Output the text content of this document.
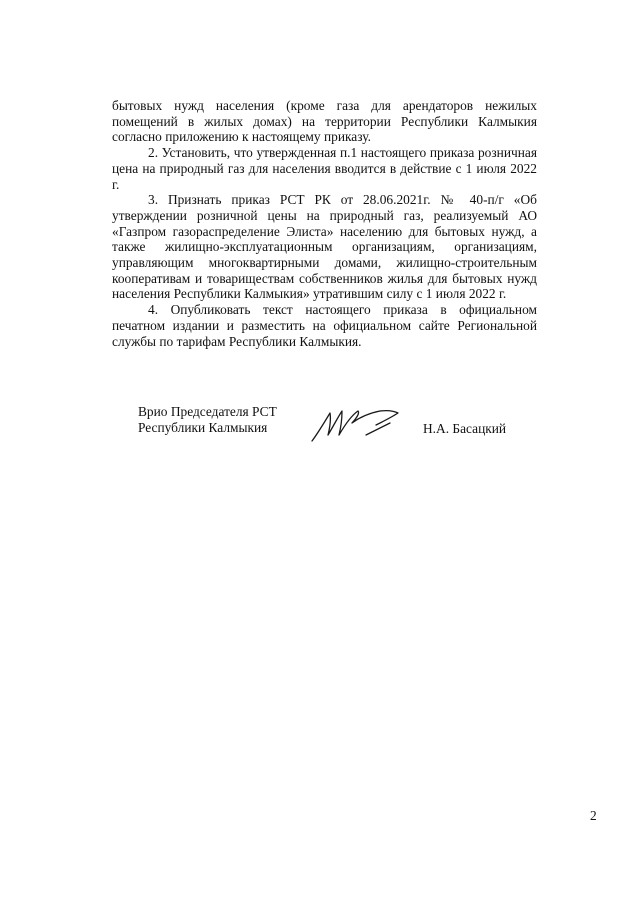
бытовых нужд населения (кроме газа для арендаторов нежилых помещений в жилых домах) на территории Республики Калмыкия согласно приложению к настоящему приказу.

2. Установить, что утвержденная п.1 настоящего приказа розничная цена на природный газ для населения вводится в действие с 1 июля 2022 г.

3. Признать приказ РСТ РК от 28.06.2021г. № 40-п/г «Об утверждении розничной цены на природный газ, реализуемый АО «Газпром газораспределение Элиста» населению для бытовых нужд, а также жилищно-эксплуатационным организациям, организациям, управляющим многоквартирными домами, жилищно-строительным кооперативам и товариществам собственников жилья для бытовых нужд населения Республики Калмыкия» утратившим силу с 1 июля 2022 г.

4. Опубликовать текст настоящего приказа в официальном печатном издании и разместить на официальном сайте Региональной службы по тарифам Республики Калмыкия.

Врио Председателя РСТ
Республики Калмыкия	Н.А. Басацкий
2
